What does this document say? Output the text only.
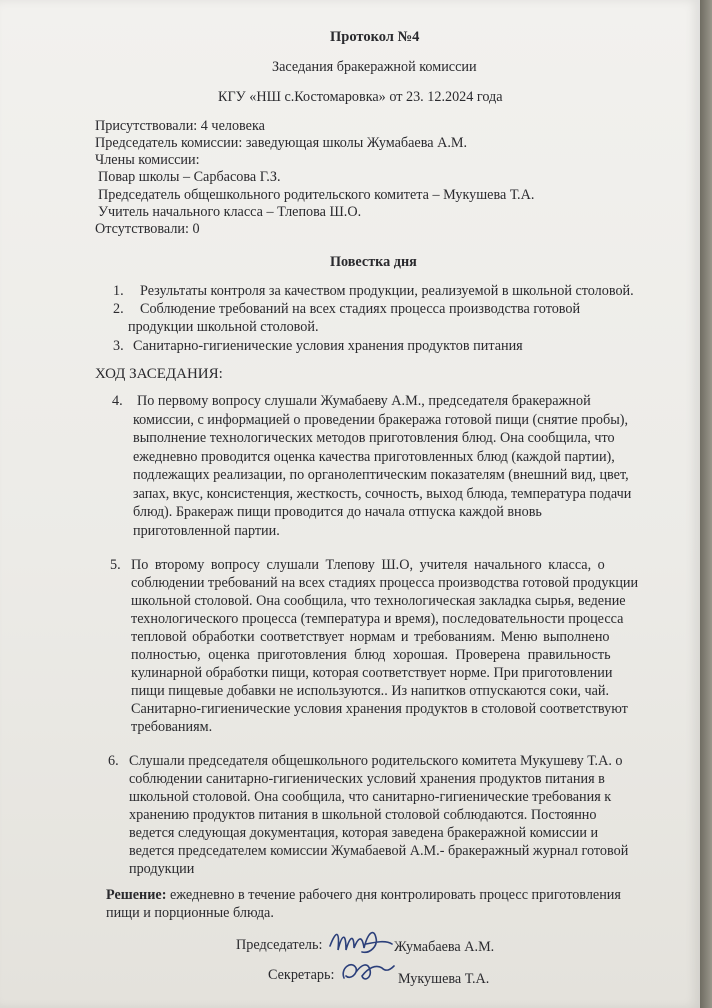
Протокол №4
Заседания бракеражной комиссии
КГУ «НШ с.Костомаровка» от 23. 12.2024 года
Присутствовали: 4 человека
Председатель комиссии: заведующая школы Жумабаева А.М.
Члены комиссии:
Повар школы – Сарбасова Г.З.
Председатель общешкольного родительского комитета – Мукушева Т.А.
Учитель начального класса – Тлепова Ш.О.
Отсутствовали: 0
Повестка дня
1. Результаты контроля за качеством продукции, реализуемой в школьной столовой.
2. Соблюдение требований на всех стадиях процесса производства готовой
продукции школьной столовой.
3. Санитарно-гигиенические условия хранения продуктов питания
ХОД ЗАСЕДАНИЯ:
4. По первому вопросу слушали Жумабаеву А.М., председателя бракеражной
комиссии, с информацией о проведении бракеража готовой пищи (снятие пробы),
выполнение технологических методов приготовления блюд. Она сообщила, что
ежедневно проводится оценка качества приготовленных блюд (каждой партии),
подлежащих реализации, по органолептическим показателям (внешний вид, цвет,
запах, вкус, консистенция, жесткость, сочность, выход блюда, температура подачи
блюд). Бракераж пищи проводится до начала отпуска каждой вновь
приготовленной партии.
5. По второму вопросу слушали Тлепову Ш.О, учителя начального класса, о
соблюдении требований на всех стадиях процесса производства готовой продукции
школьной столовой. Она сообщила, что технологическая закладка сырья, ведение
технологического процесса (температура и время), последовательности процесса
тепловой обработки соответствует нормам и требованиям. Меню выполнено
полностью, оценка приготовления блюд хорошая. Проверена правильность
кулинарной обработки пищи, которая соответствует норме. При приготовлении
пищи пищевые добавки не используются.. Из напитков отпускаются соки, чай.
Санитарно-гигиенические условия хранения продуктов в столовой соответствуют
требованиям.
6. Слушали председателя общешкольного родительского комитета Мукушеву Т.А. о
соблюдении санитарно-гигиенических условий хранения продуктов питания в
школьной столовой. Она сообщила, что санитарно-гигиенические требования к
хранению продуктов питания в школьной столовой соблюдаются. Постоянно
ведется следующая документация, которая заведена бракеражной комиссии и
ведется председателем комиссии Жумабаевой А.М.- бракеражный журнал готовой
продукции
Решение: ежедневно в течение рабочего дня контролировать процесс приготовления
пищи и порционные блюда.
Председатель:	Жумабаева А.М.
Секретарь:	Мукушева Т.А.
